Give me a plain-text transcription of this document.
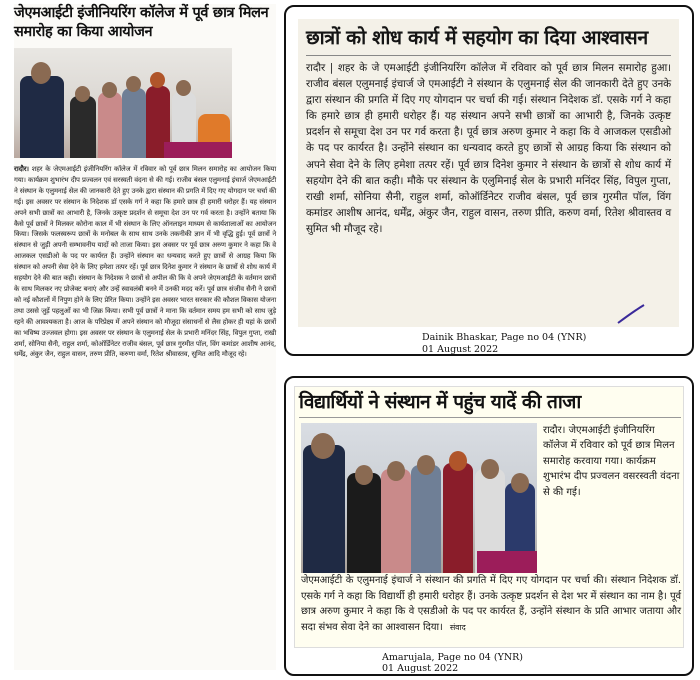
जेएमआईटी इंजीनियरिंग कॉलेज में पूर्व छात्र मिलन समारोह का किया आयोजन
रादौर। शहर के जेएमआईटी इंजीनियरिंग कॉलेज में रविवार को पूर्व छात्र मिलन समारोह का आयोजन किया गया। कार्यक्रम शुभारंभ दीप प्रज्वलन एवं सरस्वती वंदना से की गई। राजीव बंसल एलुमनाई इंचार्ज जेएमआईटी ने संस्थान के एलुमनाई सेल की जानकारी देते हुए उनके द्वारा संस्थान की प्रगति में दिए गए योगदान पर चर्चा की गई। इस अवसर पर संस्थान के निदेशक डॉ एसके गर्ग ने कहा कि हमारे छात्र ही हमारी धरोहर हैं। यह संस्थान अपने सभी छात्रों का आभारी है, जिनके उत्कृष्ट प्रदर्शन से समूचा देश उन पर गर्व करता है। उन्होंने बताया कि कैसे पूर्व छात्रों ने मिलकर कोरोना काल में भी संस्थान के लिए ऑनलाइन माध्यम से कार्यशालाओं का आयोजन किया। जिसके फलस्वरूप छात्रों के मनोबल के साथ साथ उनके तकनीकी ज्ञान में भी वृद्धि हुई। पूर्व छात्रों ने संस्थान से जुड़ी अपनी सम्भावनीय यादों को ताजा किया। इस अवसर पर पूर्व छात्र अरुण कुमार ने कहा कि वे आजकल एसडीओ के पद पर कार्यरत हैं। उन्होंने संस्थान का धन्यवाद करते हुए छात्रों से आग्रह किया कि संस्थान को अपनी सेवा देने के लिए हमेशा तत्पर रहें। पूर्व छात्र दिनेश कुमार ने संस्थान के छात्रों से शोध कार्य में सहयोग देने की बात कही। संस्थान के निदेशक ने छात्रों से अपील की कि वे अपने जेएमआईटी के वर्तमान छात्रों के साथ मिलकर नए प्रोजेक्ट बनाएं और उन्हें स्वावलंबी बनने में उनकी मदद करें। पूर्व छात्र संजीव सैनी ने छात्रों को नई कौशलों में निपुण होने के लिए प्रेरित किया। उन्होंने इस अवसर भारत सरकार की कौशल विकास योजना तथा उससे जुड़ें पहलुओं का भी जिक्र किया। सभी पूर्व छात्रों ने माना कि वर्तमान समय हम सभी को साथ जुड़े रहने की आवश्यकता है। आज के परिप्रेक्ष्य में अपने संस्थान को मौजूदा संसाधनों से लैस होकर ही यहां के छात्रों का भविष्य उज्जवल होगा। इस अवसर पर संस्थान के एलुमनाई सेल के प्रभारी मनिंदर सिंह, विपुल गुप्ता, राखी शर्मा, सोनिया सैनी, राहुल शर्मा, कोऑर्डिनेटर राजीव बंसल, पूर्व छात्र गुरमीत पॉल, विंग कमांडर आशीष आनंद, धर्मेंद्र, अंकुर जैन, राहुल वासन, तरुण प्रीति, करुणा वर्मा, रितेश श्रीवास्तव, सुमित आदि मौजूद रहे।
छात्रों को शोध कार्य में सहयोग का दिया आश्वासन
रादौर | शहर के जे एमआईटी इंजीनियरिंग कॉलेज में रविवार को पूर्व छात्र मिलन समारोह हुआ। राजीव बंसल एलुमनाई इंचार्ज जे एमआईटी ने संस्थान के एलुमनाई सेल की जानकारी देते हुए उनके द्वारा संस्थान की प्रगति में दिए गए योगदान पर चर्चा की गई। संस्थान निदेशक डॉ. एसके गर्ग ने कहा कि हमारे छात्र ही हमारी धरोहर हैं। यह संस्थान अपने सभी छात्रों का आभारी है, जिनके उत्कृष्ट प्रदर्शन से समूचा देश उन पर गर्व करता है। पूर्व छात्र अरुण कुमार ने कहा कि वे आजकल एसडीओ के पद पर कार्यरत है। उन्होंने संस्थान का धन्यवाद करते हुए छात्रों से आग्रह किया कि संस्थान को अपने सेवा देने के लिए हमेशा तत्पर रहें। पूर्व छात्र दिनेश कुमार ने संस्थान के छात्रों से शोध कार्य में सहयोग देने की बात कही। मौके पर संस्थान के एलुमिनाई सेल के प्रभारी मनिंदर सिंह, विपुल गुप्ता, राखी शर्मा, सोनिया सैनी, राहुल शर्मा, कोऑर्डिनेटर राजीव बंसल, पूर्व छात्र गुरमीत पॉल, विंग कमांडर आशीष आनंद, धर्मेंद्र, अंकुर जैन, राहुल वासन, तरुण प्रीति, करुण वर्मा, रितेश श्रीवास्तव व सुमित भी मौजूद रहे।
Dainik Bhaskar, Page no 04 (YNR)
01 August 2022
विद्यार्थियों ने संस्थान में पहुंच यादें की ताजा
रादौर। जेएमआईटी इंजीनियरिंग कॉलेज में रविवार को पूर्व छात्र मिलन समारोह करवाया गया। कार्यक्रम शुभारंभ दीप प्रज्वलन वसरस्वती वंदना से की गई।
जेएमआईटी के एलुमनाई इंचार्ज ने संस्थान की प्रगति में दिए गए योगदान पर चर्चा की। संस्थान निदेशक डॉ. एसके गर्ग ने कहा कि विद्यार्थी ही हमारी धरोहर हैं। उनके उत्कृष्ट प्रदर्शन से देश भर में संस्थान का नाम है। पूर्व छात्र अरुण कुमार ने कहा कि वे एसडीओ के पद पर कार्यरत हैं, उन्होंने संस्थान के प्रति आभार जताया और सदा संभव सेवा देने का आश्वासन दिया। संवाद
Amarujala, Page no 04 (YNR)
01 August 2022
